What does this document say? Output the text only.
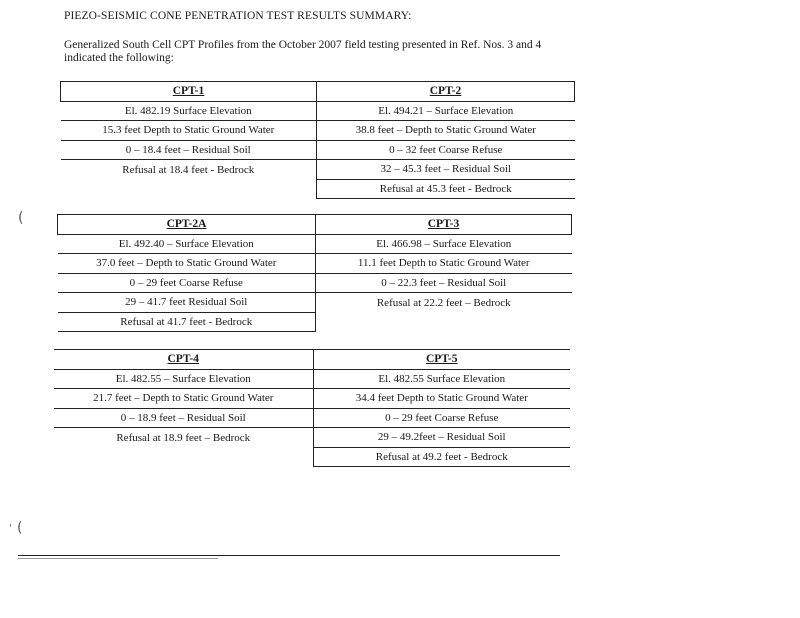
PIEZO-SEISMIC CONE PENETRATION TEST RESULTS SUMMARY:
Generalized South Cell CPT Profiles from the October 2007 field testing presented in Ref. Nos. 3 and 4 indicated the following:
CPT-1	CPT-2
El. 482.19 Surface Elevation	El. 494.21 – Surface Elevation
15.3 feet Depth to Static Ground Water	38.8 feet – Depth to Static Ground Water
0 – 18.4 feet – Residual Soil	0 – 32 feet Coarse Refuse
Refusal at 18.4 feet - Bedrock	32 – 45.3 feet – Residual Soil
	Refusal at 45.3 feet - Bedrock
CPT-2A	CPT-3
El. 492.40 – Surface Elevation	El. 466.98 – Surface Elevation
37.0 feet – Depth to Static Ground Water	11.1 feet Depth to Static Ground Water
0 – 29 feet Coarse Refuse	0 – 22.3 feet – Residual Soil
29 – 41.7 feet Residual Soil	Refusal at 22.2 feet – Bedrock
Refusal at 41.7 feet - Bedrock	
CPT-4	CPT-5
El. 482.55 – Surface Elevation	El. 482.55 Surface Elevation
21.7 feet – Depth to Static Ground Water	34.4 feet Depth to Static Ground Water
0 – 18.9 feet – Residual Soil	0 – 29 feet Coarse Refuse
Refusal at 18.9 feet – Bedrock	29 – 49.2feet – Residual Soil
	Refusal at 49.2 feet - Bedrock
(
(
'
